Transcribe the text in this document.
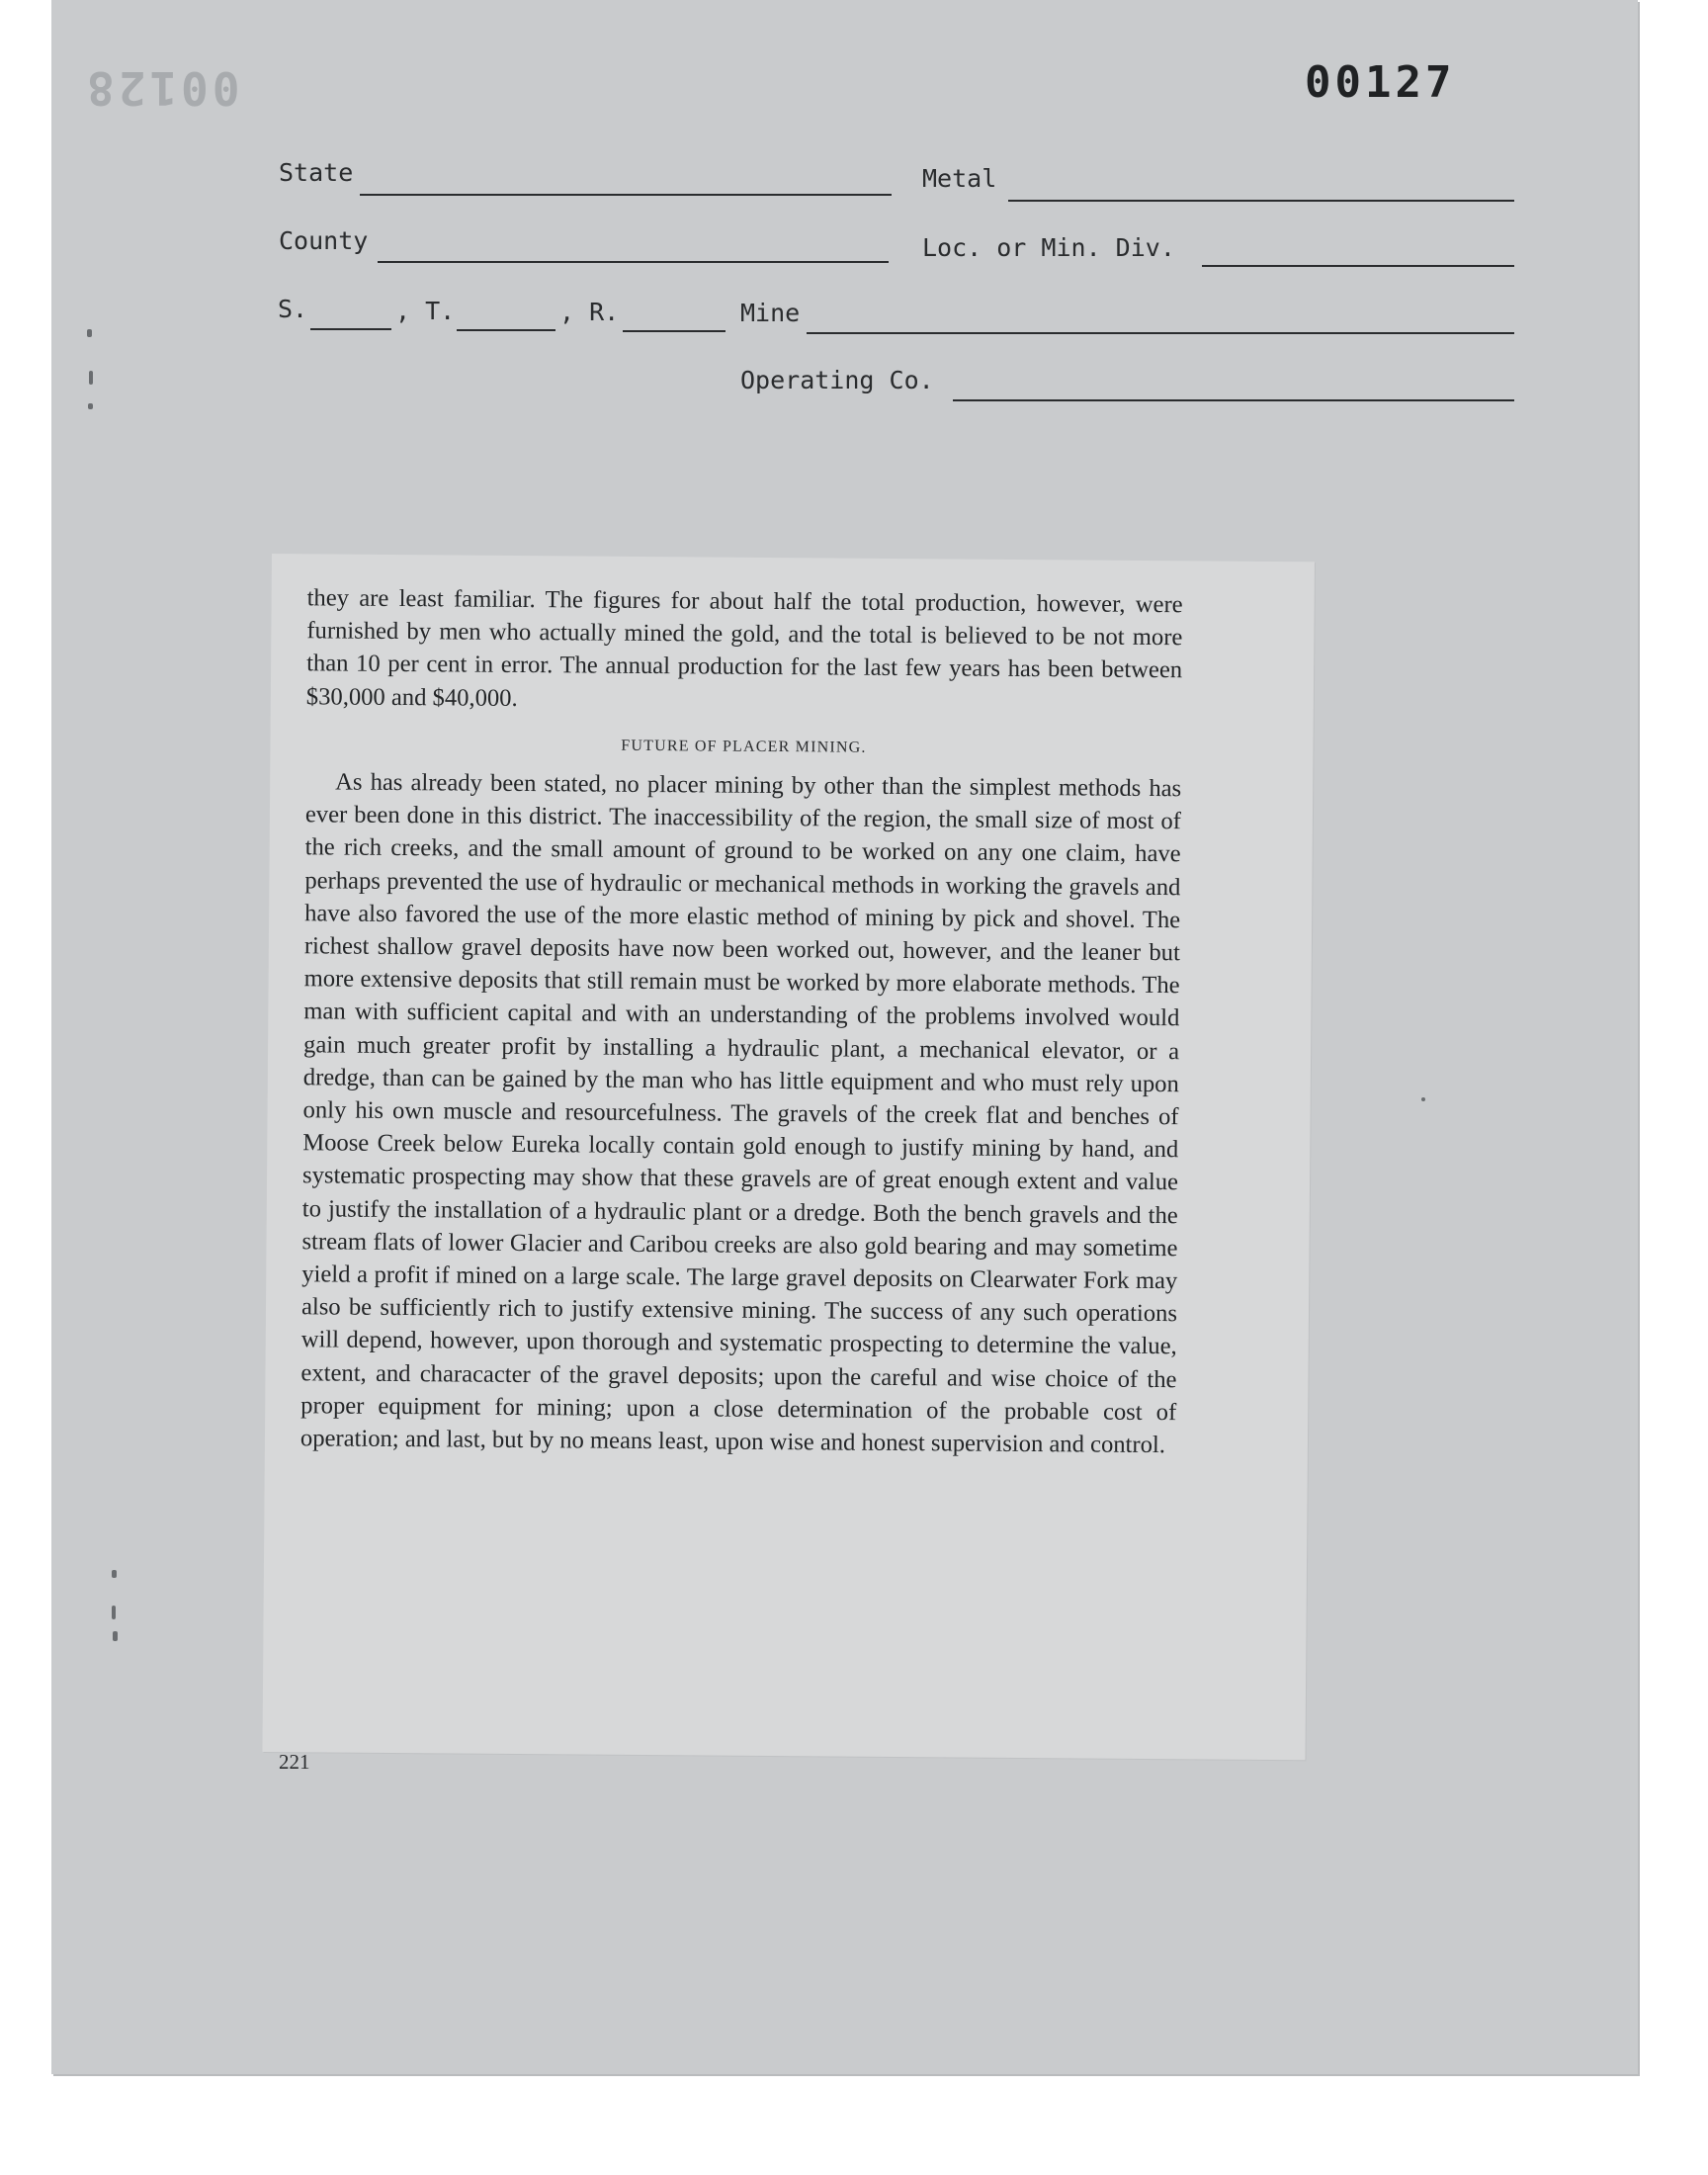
00128	00127
State	Metal
County	Loc. or Min. Div.
S.	, T.	, R.	Mine
Operating Co.

they are least familiar. The figures for about half the total production, however, were furnished by men who actually mined the gold, and the total is believed to be not more than 10 per cent in error. The annual production for the last few years has been between $30,000 and $40,000.

FUTURE OF PLACER MINING.

As has already been stated, no placer mining by other than the simplest methods has ever been done in this district. The inaccessibility of the region, the small size of most of the rich creeks, and the small amount of ground to be worked on any one claim, have perhaps prevented the use of hydraulic or mechanical methods in working the gravels and have also favored the use of the more elastic method of mining by pick and shovel. The richest shallow gravel deposits have now been worked out, however, and the leaner but more extensive deposits that still remain must be worked by more elaborate methods. The man with sufficient capital and with an understanding of the problems involved would gain much greater profit by installing a hydraulic plant, a mechanical elevator, or a dredge, than can be gained by the man who has little equipment and who must rely upon only his own muscle and resourcefulness. The gravels of the creek flat and benches of Moose Creek below Eureka locally contain gold enough to justify mining by hand, and systematic prospecting may show that these gravels are of great enough extent and value to justify the installation of a hydraulic plant or a dredge. Both the bench gravels and the stream flats of lower Glacier and Caribou creeks are also gold bearing and may sometime yield a profit if mined on a large scale. The large gravel deposits on Clearwater Fork may also be sufficiently rich to justify extensive mining. The success of any such operations will depend, however, upon thorough and systematic prospecting to determine the value, extent, and characacter of the gravel deposits; upon the careful and wise choice of the proper equipment for mining; upon a close determination of the probable cost of operation; and last, but by no means least, upon wise and honest supervision and control.

221
